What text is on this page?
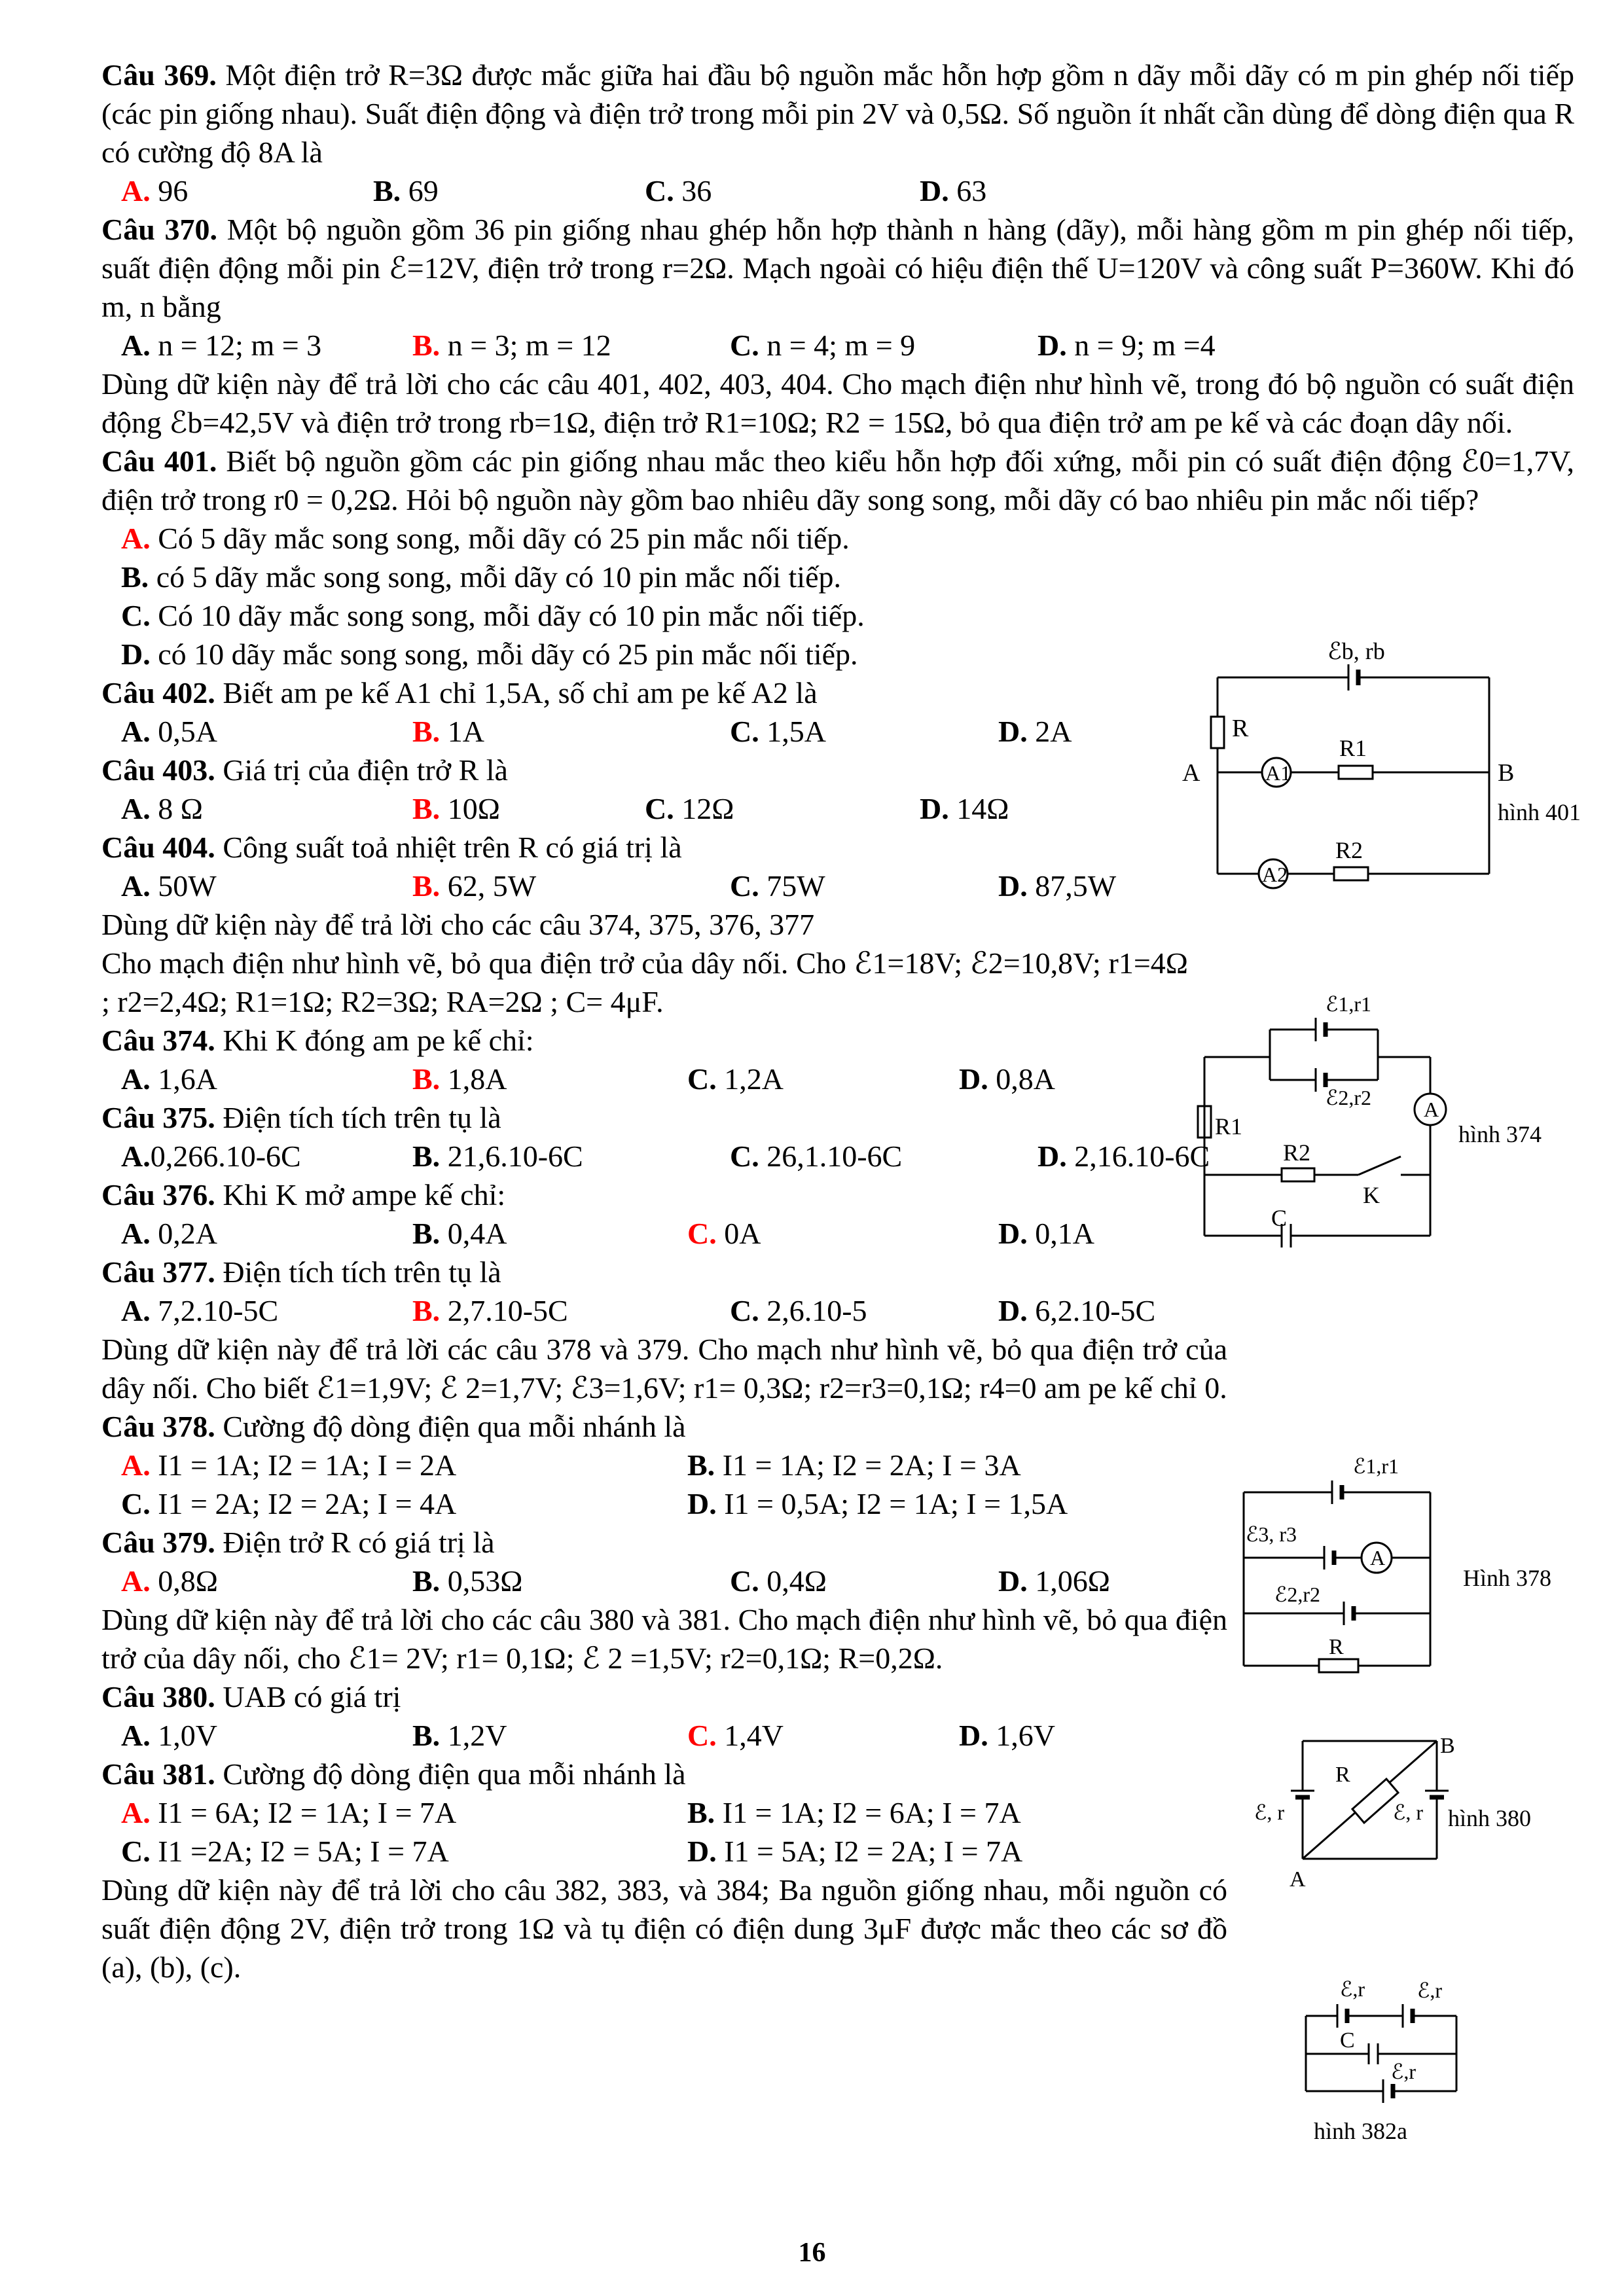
Câu 369. Một điện trở R=3Ω được mắc giữa hai đầu bộ nguồn mắc hỗn hợp gồm n dãy mỗi dãy có m pin ghép nối tiếp (các pin giống nhau). Suất điện động và điện trở trong mỗi pin 2V và 0,5Ω. Số nguồn ít nhất cần dùng để dòng điện qua R có cường độ 8A là

A. 96	B. 69	C. 36	D. 63

Câu 370. Một bộ nguồn gồm 36 pin giống nhau ghép hỗn hợp thành n hàng (dãy), mỗi hàng gồm m pin ghép nối tiếp, suất điện động mỗi pin ℰ=12V, điện trở trong r=2Ω. Mạch ngoài có hiệu điện thế U=120V và công suất P=360W. Khi đó m, n bằng

A. n = 12; m = 3	B. n = 3; m = 12	C. n = 4; m = 9	D. n = 9; m =4

Dùng dữ kiện này để trả lời cho các câu 401, 402, 403, 404. Cho mạch điện như hình vẽ, trong đó bộ nguồn có suất điện động ℰb=42,5V và điện trở trong rb=1Ω, điện trở R1=10Ω; R2 = 15Ω, bỏ qua điện trở am pe kế và các đoạn dây nối.

Câu 401. Biết bộ nguồn gồm các pin giống nhau mắc theo kiểu hỗn hợp đối xứng, mỗi pin có suất điện động ℰ0=1,7V, điện trở trong r0 = 0,2Ω. Hỏi bộ nguồn này gồm bao nhiêu dãy song song, mỗi dãy có bao nhiêu pin mắc nối tiếp?

A. Có 5 dãy mắc song song, mỗi dãy có 25 pin mắc nối tiếp.
B. có 5 dãy mắc song song, mỗi dãy có 10 pin mắc nối tiếp.
C. Có 10 dãy mắc song song, mỗi dãy có 10 pin mắc nối tiếp.
D. có 10 dãy mắc song song, mỗi dãy có 25 pin mắc nối tiếp.

Câu 402. Biết am pe kế A1 chỉ 1,5A, số chỉ am pe kế A2 là

A. 0,5A	B. 1A	C. 1,5A	D. 2A

Câu 403. Giá trị của điện trở R là

A. 8 Ω	B. 10Ω	C. 12Ω	D. 14Ω

Câu 404. Công suất toả nhiệt trên R có giá trị là

A. 50W	B. 62, 5W	C. 75W	D. 87,5W

Dùng dữ kiện này để trả lời cho các câu 374, 375, 376, 377

Cho mạch điện như hình vẽ, bỏ qua điện trở của dây nối. Cho ℰ1=18V; ℰ2=10,8V; r1=4Ω ; r2=2,4Ω; R1=1Ω; R2=3Ω; RA=2Ω ; C= 4μF.

Câu 374. Khi K đóng am pe kế chỉ:

A. 1,6A	B. 1,8A	C. 1,2A	D. 0,8A

Câu 375. Điện tích tích trên tụ là

A.0,266.10-6C	B. 21,6.10-6C	C. 26,1.10-6C	D. 2,16.10-6C

Câu 376. Khi K mở ampe kế chỉ:

A. 0,2A	B. 0,4A	C. 0A	D. 0,1A

Câu 377. Điện tích tích trên tụ là

A. 7,2.10-5C	B. 2,7.10-5C	C. 2,6.10-5	D. 6,2.10-5C

Dùng dữ kiện này để trả lời các câu 378 và 379. Cho mạch như hình vẽ, bỏ qua điện trở của dây nối. Cho biết ℰ1=1,9V; ℰ 2=1,7V; ℰ3=1,6V; r1= 0,3Ω; r2=r3=0,1Ω; r4=0 am pe kế chỉ 0.

Câu 378. Cường độ dòng điện qua mỗi nhánh là

A. I1 = 1A; I2 = 1A; I = 2A	B. I1 = 1A; I2 = 2A; I = 3A
C. I1 = 2A; I2 = 2A; I = 4A	D. I1 = 0,5A; I2 = 1A; I = 1,5A

Câu 379. Điện trở R có giá trị là

A. 0,8Ω	B. 0,53Ω	C. 0,4Ω	D. 1,06Ω

Dùng dữ kiện này để trả lời cho các câu 380 và 381. Cho mạch điện như hình vẽ, bỏ qua điện trở của dây nối, cho ℰ1= 2V; r1= 0,1Ω; ℰ 2 =1,5V; r2=0,1Ω; R=0,2Ω.

Câu 380. UAB có giá trị

A. 1,0V	B. 1,2V	C. 1,4V	D. 1,6V

Câu 381. Cường độ dòng điện qua mỗi nhánh là

A. I1 = 6A; I2 = 1A; I = 7A	B. I1 = 1A; I2 = 6A; I = 7A
C. I1 =2A; I2 = 5A; I = 7A	D. I1 = 5A; I2 = 2A; I = 7A

Dùng dữ kiện này để trả lời cho câu 382, 383, và 384; Ba nguồn giống nhau, mỗi nguồn có suất điện động 2V, điện trở trong 1Ω và tụ điện có điện dung 3μF được mắc theo các sơ đồ (a), (b), (c).

ℰb, rb
R
R1
A1
A	B
hình 401
R2
A2
A
ℰ1,r1
ℰ2,r2
R1
R2
K
C
hình 374
A
ℰ1,r1
ℰ3, r3
ℰ2,r2
R
Hình 378
B
A
R
ℰ, r	ℰ, r hình 380
ℰ,r ℰ,r
C
ℰ,r
hình 382a
16
